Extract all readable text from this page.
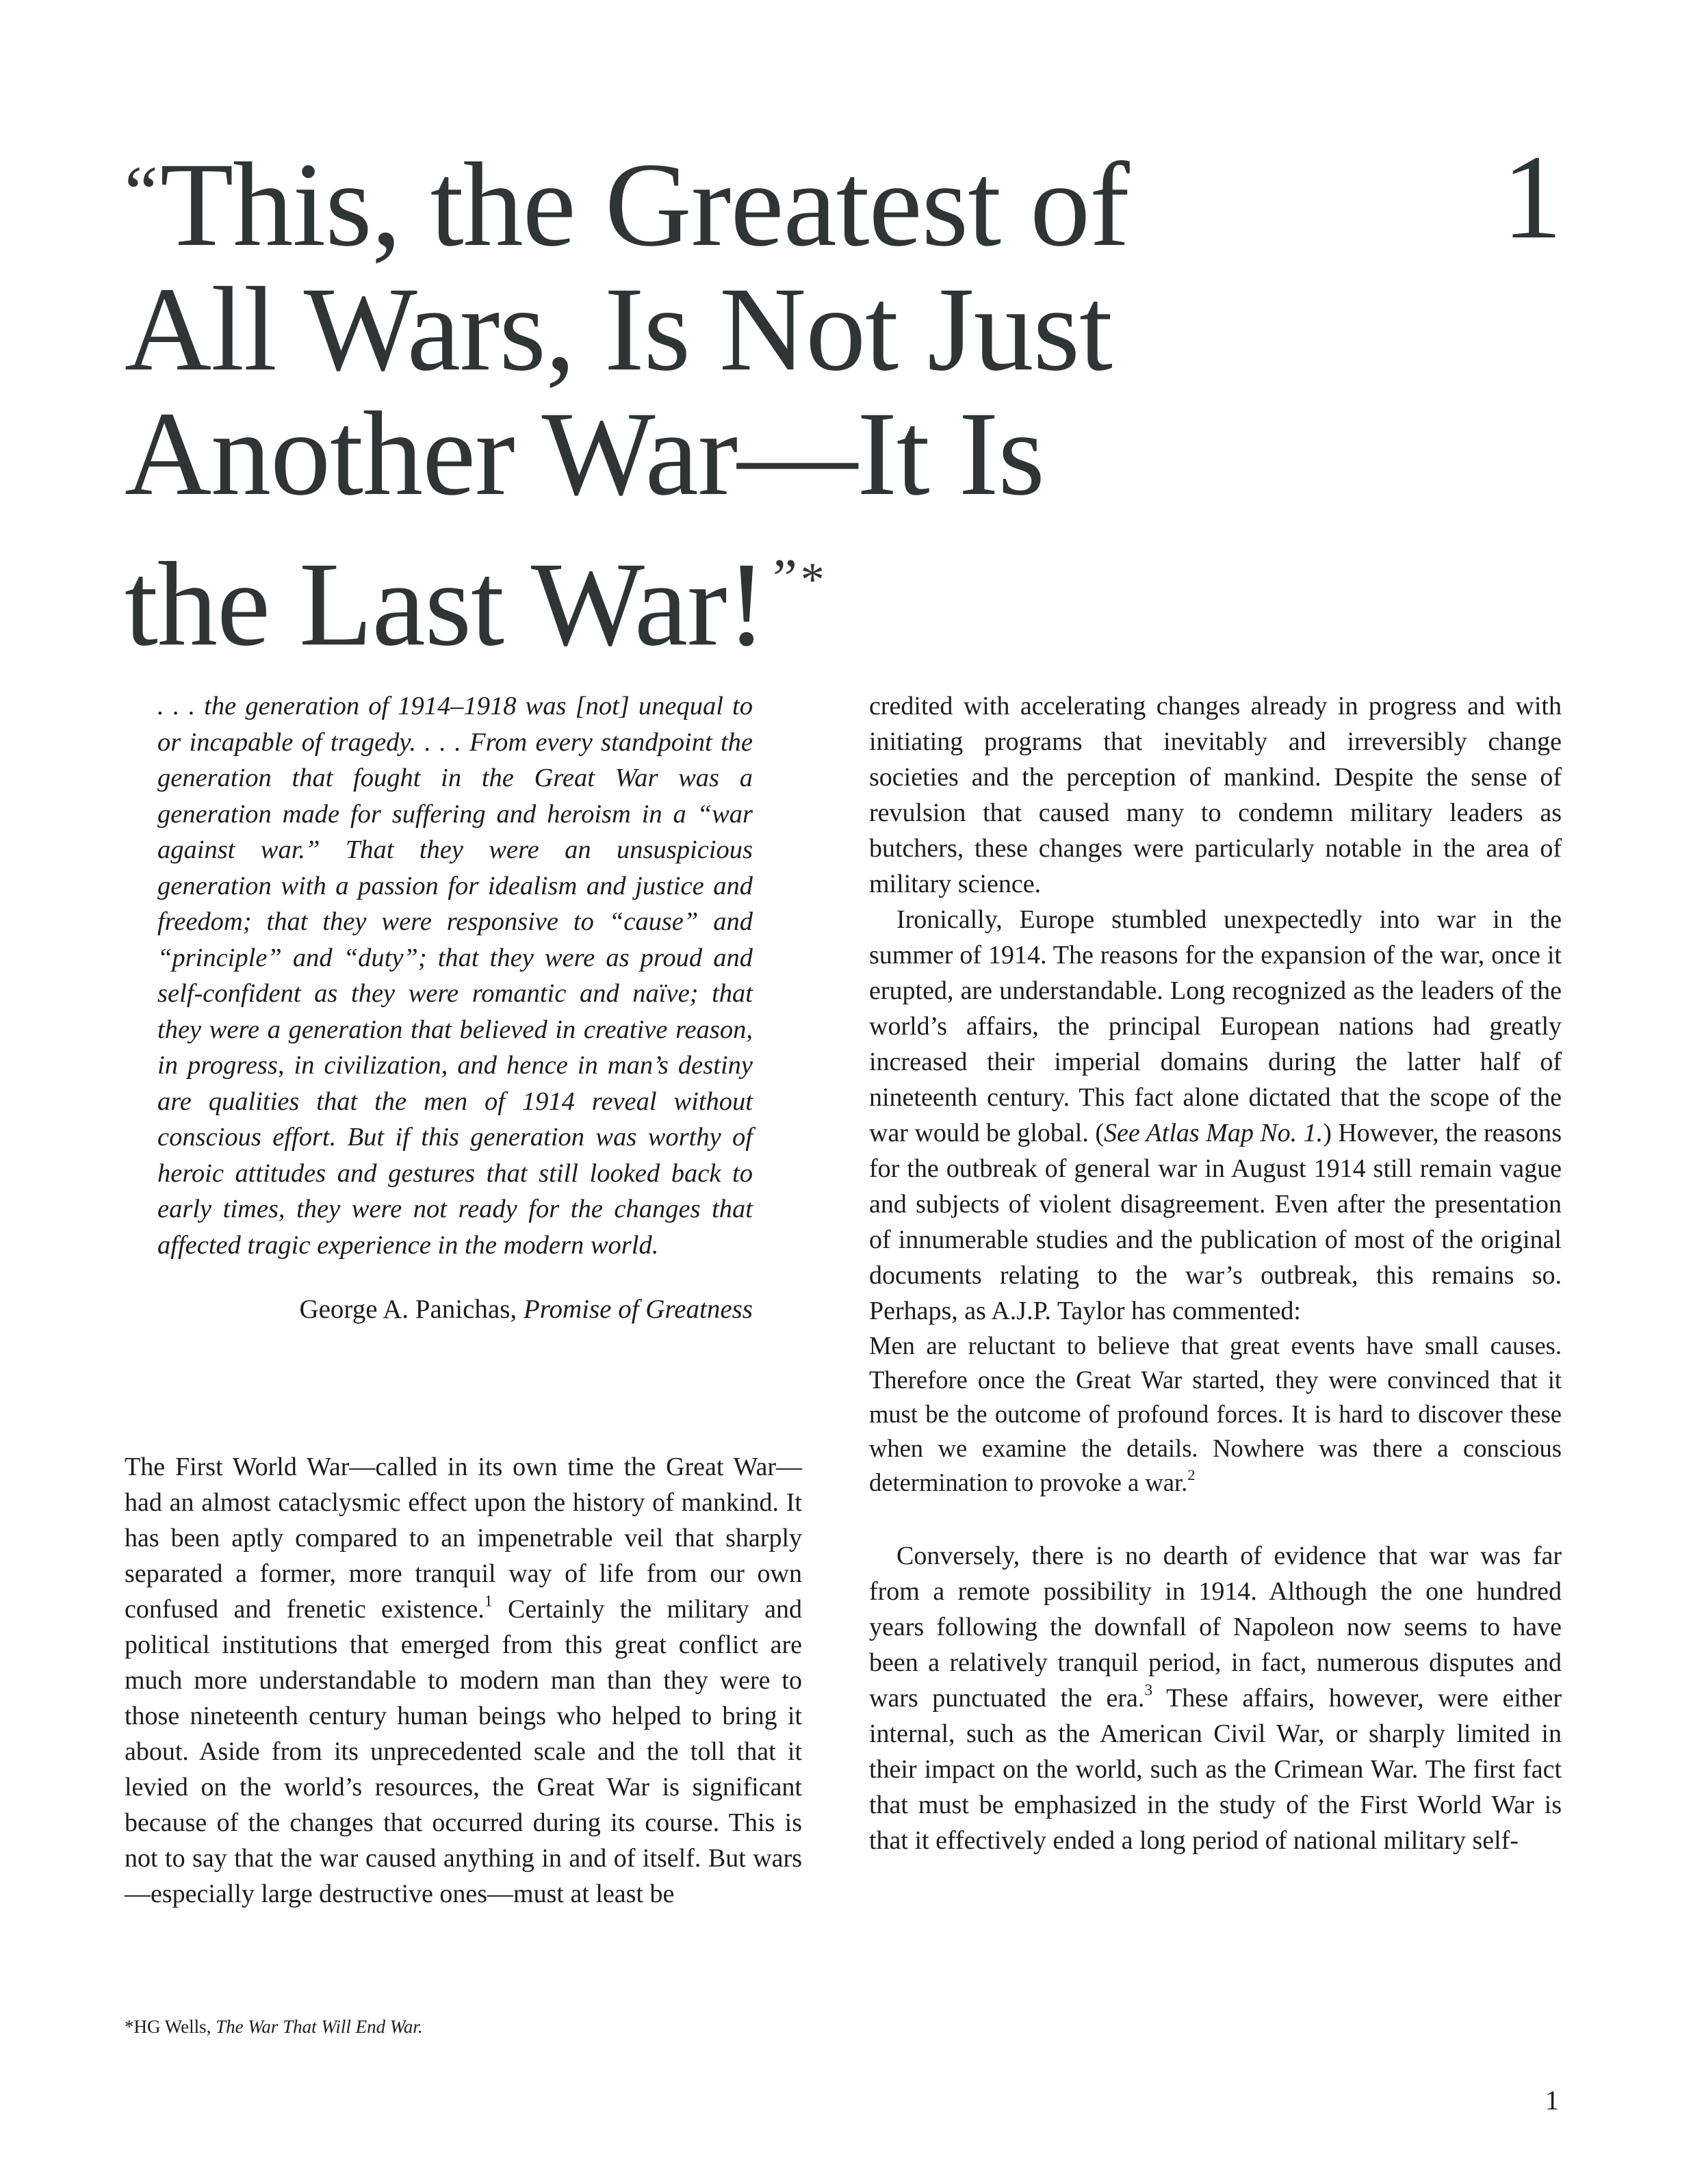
“This, the Greatest of
All Wars, Is Not Just
Another War—It Is
the Last War! ”*
1

. . . the generation of 1914–1918 was [not] unequal to or incapable of tragedy. . . . From every standpoint the generation that fought in the Great War was a generation made for suffering and heroism in a “war against war.” That they were an unsuspicious generation with a passion for idealism and justice and freedom; that they were responsive to “cause” and “principle” and “duty”; that they were as proud and self-confident as they were romantic and naïve; that they were a generation that believed in creative reason, in progress, in civilization, and hence in man’s destiny are qualities that the men of 1914 reveal without conscious effort. But if this generation was worthy of heroic attitudes and gestures that still looked back to early times, they were not ready for the changes that affected tragic experience in the modern world.

George A. Panichas, Promise of Greatness

The First World War—called in its own time the Great War—had an almost cataclysmic effect upon the history of mankind. It has been aptly compared to an impenetrable veil that sharply separated a former, more tranquil way of life from our own confused and frenetic existence.$^1$ Certainly the military and political institutions that emerged from this great conflict are much more understandable to modern man than they were to those nineteenth century human beings who helped to bring it about. Aside from its unprecedented scale and the toll that it levied on the world’s resources, the Great War is significant because of the changes that occurred during its course. This is not to say that the war caused anything in and of itself. But wars—especially large destructive ones—must at least be

credited with accelerating changes already in progress and with initiating programs that inevitably and irreversibly change societies and the perception of mankind. Despite the sense of revulsion that caused many to condemn military leaders as butchers, these changes were particularly notable in the area of military science.

Ironically, Europe stumbled unexpectedly into war in the summer of 1914. The reasons for the expansion of the war, once it erupted, are understandable. Long recognized as the leaders of the world’s affairs, the principal European nations had greatly increased their imperial domains during the latter half of nineteenth century. This fact alone dictated that the scope of the war would be global. (See Atlas Map No. 1.) However, the reasons for the outbreak of general war in August 1914 still remain vague and subjects of violent disagreement. Even after the presentation of innumerable studies and the publication of most of the original documents relating to the war’s outbreak, this remains so. Perhaps, as A.J.P. Taylor has commented:

Men are reluctant to believe that great events have small causes. Therefore once the Great War started, they were convinced that it must be the outcome of profound forces. It is hard to discover these when we examine the details. Nowhere was there a conscious determination to provoke a war.$^2$

Conversely, there is no dearth of evidence that war was far from a remote possibility in 1914. Although the one hundred years following the downfall of Napoleon now seems to have been a relatively tranquil period, in fact, numerous disputes and wars punctuated the era.$^3$ These affairs, however, were either internal, such as the American Civil War, or sharply limited in their impact on the world, such as the Crimean War. The first fact that must be emphasized in the study of the First World War is that it effectively ended a long period of national military self-

*HG Wells, The War That Will End War.

1
